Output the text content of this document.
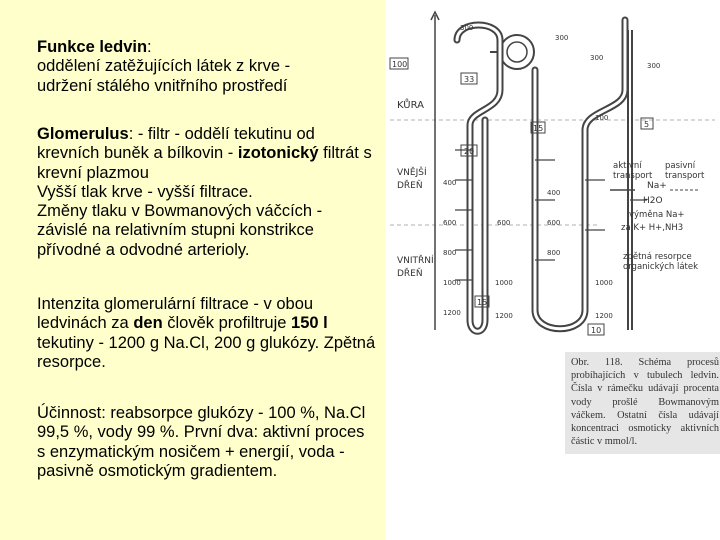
Funkce ledvin:

oddělení zatěžujících látek z krve -

udržení stálého vnitřního prostředí

Glomerulus: - filtr - oddělí tekutinu od krevních buněk a bílkovin - izotonický filtrát s krevní plazmou

Vyšší tlak krve - vyšší filtrace.

Změny tlaku v Bowmanových váčcích - závislé na relativním stupni konstrikce přívodné a odvodné arterioly.

Intenzita glomerulární filtrace - v obou ledvinách za den člověk profiltruje 150 l tekutiny - 1200 g Na.Cl, 200 g glukózy. Zpětná resorpce.

Účinnost: reabsorpce glukózy - 100 %, Na.Cl 99,5 %, vody 99 %. První dva: aktivní proces s enzymatickým nosičem + energií, voda - pasivně osmotickým gradientem.

KŮRA
VNĚJŠÍ
DŘEŇ
VNITŘNÍ
DŘEŇ
100
33
15	5
20
15
10
300
300
300
300
100
400
400
600	600	600
800	800
1000	1000	1000
1200	1200	1200
aktivní
transport
pasivní
transport
Na+
H2O
výměna Na+
za K+ H+,NH3
zpětná resorpce
organických látek
Obr. 118. Schéma procesů probíhajících v tubulech ledvin. Čísla v rámečku udávají procenta vody prošlé Bowmanovým váčkem. Ostatní čísla udávají koncentraci osmoticky aktivních částic v mmol/l.
